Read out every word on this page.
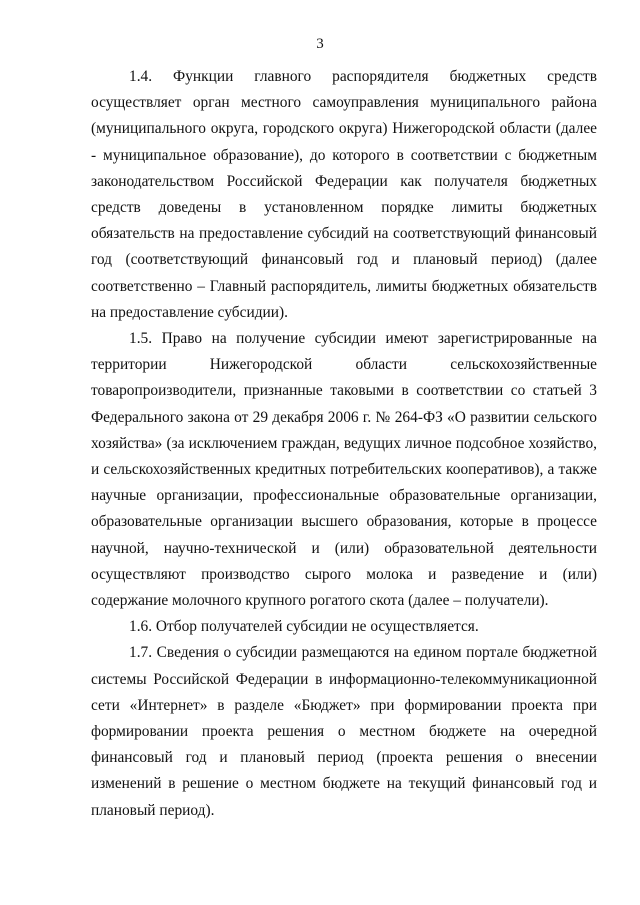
3

1.4. Функции главного распорядителя бюджетных средств осуществляет орган местного самоуправления муниципального района (муниципального округа, городского округа) Нижегородской области (далее - муниципальное образование), до которого в соответствии с бюджетным законодательством Российской Федерации как получателя бюджетных средств доведены в установленном порядке лимиты бюджетных обязательств на предоставление субсидий на соответствующий финансовый год (соответствующий финансовый год и плановый период) (далее соответственно – Главный распорядитель, лимиты бюджетных обязательств на предоставление субсидии).

1.5. Право на получение субсидии имеют зарегистрированные на территории Нижегородской области сельскохозяйственные товаропроизводители, признанные таковыми в соответствии со статьей 3 Федерального закона от 29 декабря 2006 г. № 264-ФЗ «О развитии сельского хозяйства» (за исключением граждан, ведущих личное подсобное хозяйство, и сельскохозяйственных кредитных потребительских кооперативов), а также научные организации, профессиональные образовательные организации, образовательные организации высшего образования, которые в процессе научной, научно-технической и (или) образовательной деятельности осуществляют производство сырого молока и разведение и (или) содержание молочного крупного рогатого скота (далее – получатели).

1.6. Отбор получателей субсидии не осуществляется.

1.7. Сведения о субсидии размещаются на едином портале бюджетной системы Российской Федерации в информационно-телекоммуникационной сети «Интернет» в разделе «Бюджет» при формировании проекта при формировании проекта решения о местном бюджете на очередной финансовый год и плановый период (проекта решения о внесении изменений в решение о местном бюджете на текущий финансовый год и плановый период).
